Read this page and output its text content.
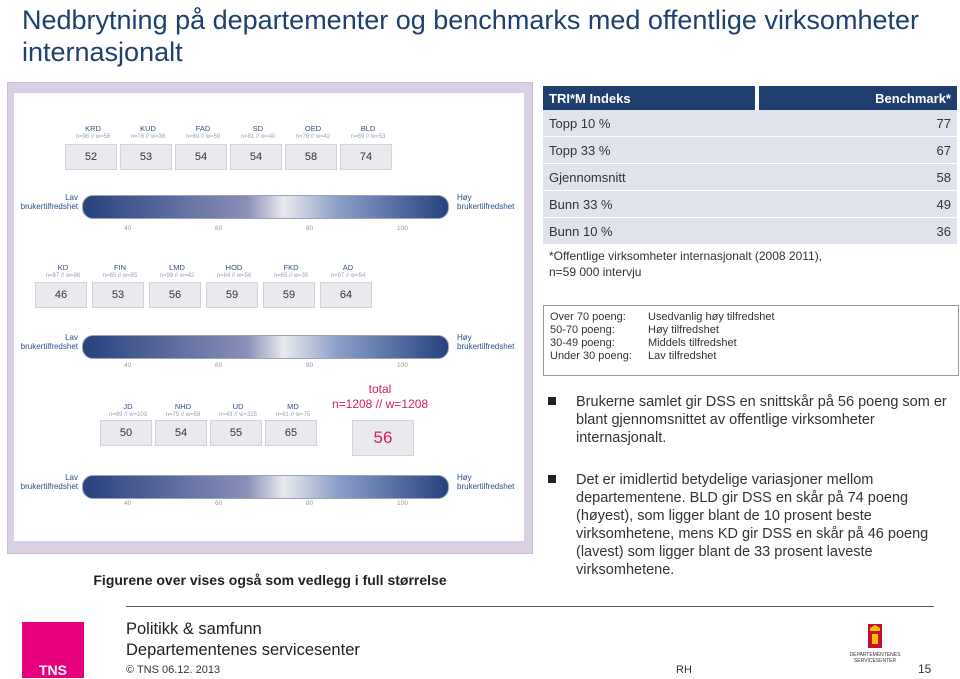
Nedbrytning på departementer og benchmarks med offentlige virksomheter internasjonalt
KRD
n=96 // w=56
52
KUD
n=76 // w=36
53
FAD
n=69 // w=59
54
SD
n=81 // w=40
54
OED
n=78 // w=42
58
BLD
n=69 // w=53
74
Lav brukertilfredshet
Høy brukertilfredshet
40	60	80	100
KD
n=87 // w=86
46
FIN
n=65 // w=85
53
LMD
n=99 // w=42
56
HOD
n=84 // w=56
59
FKD
n=65 // w=35
59
AD
n=97 // w=54
64
Lav brukertilfredshet
Høy brukertilfredshet
40	60	80	100
JD
n=69 // w=103
50
NHD
n=75 // w=59
54
UD
n=43 // w=325
55
MD
n=61 // w=75
65
Lav brukertilfredshet
Høy brukertilfredshet
40	60	80	100
total
n=1208 // w=1208
56
Figurene over vises også som vedlegg i full størrelse
TRI*M Indeks	Benchmark*
Topp 10 %	77
Topp 33 %	67
Gjennomsnitt	58
Bunn 33 %	49
Bunn 10 %	36
*Offentlige virksomheter internasjonalt (2008 2011),
n=59 000 intervju
Over 70 poeng:	Usedvanlig høy tilfredshet
50-70 poeng:	Høy tilfredshet
30-49 poeng:	Middels tilfredshet
Under 30 poeng:	Lav tilfredshet
Brukerne samlet gir DSS en snittskår på 56 poeng som er blant gjennomsnittet av offentlige virksomheter internasjonalt.
Det er imidlertid betydelige variasjoner mellom departementene. BLD gir DSS en skår på 74 poeng (høyest), som ligger blant de 10 prosent beste virksomhetene, mens KD gir DSS en skår på 46 poeng (lavest) som ligger blant de 33 prosent laveste virksomhetene.
TNS
Politikk & samfunn
Departementenes servicesenter
© TNS 06.12. 2013	RH
DEPARTEMENTENES SERVICESENTER
15
